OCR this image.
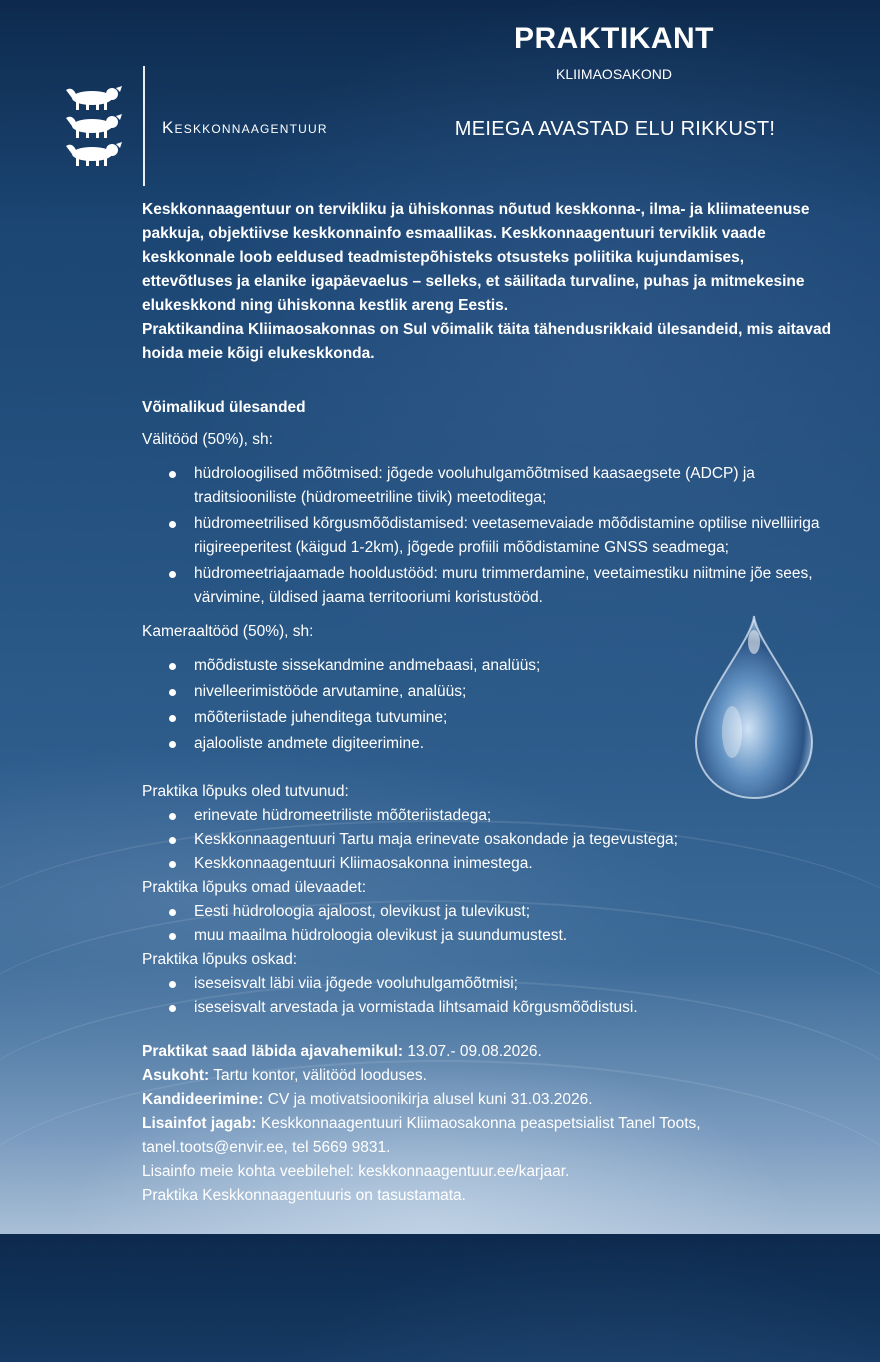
Keskkonnaagentuur
PRAKTIKANT
KLIIMAOSAKOND
MEIEGA AVASTAD ELU RIKKUST!

Keskkonnaagentuur on tervikliku ja ühiskonnas nõutud keskkonna-, ilma- ja kliimateenuse pakkuja, objektiivse keskkonnainfo esmaallikas. Keskkonnaagentuuri terviklik vaade keskkonnale loob eeldused teadmistepõhisteks otsusteks poliitika kujundamises, ettevõtluses ja elanike igapäevaelus – selleks, et säilitada turvaline, puhas ja mitmekesine elukeskkond ning ühiskonna kestlik areng Eestis.

Praktikandina Kliimaosakonnas on Sul võimalik täita tähendusrikkaid ülesandeid, mis aitavad hoida meie kõigi elukeskkonda.

Võimalikud ülesanded
Välitööd (50%), sh:
hüdroloogilised mõõtmised: jõgede vooluhulgamõõtmised kaasaegsete (ADCP) ja traditsiooniliste (hüdromeetriline tiivik) meetoditega;
hüdromeetrilised kõrgusmõõdistamised: veetasemevaiade mõõdistamine optilise nivelliiriga riigireeperitest (käigud 1-2km), jõgede profiili mõõdistamine GNSS seadmega;
hüdromeetriajaamade hooldustööd: muru trimmerdamine, veetaimestiku niitmine jõe sees, värvimine, üldised jaama territooriumi koristustööd.
Kameraaltööd (50%), sh:
mõõdistuste sissekandmine andmebaasi, analüüs;
nivelleerimistööde arvutamine, analüüs;
mõõteriistade juhenditega tutvumine;
ajalooliste andmete digiteerimine.
Praktika lõpuks oled tutvunud:
erinevate hüdromeetriliste mõõteriistadega;
Keskkonnaagentuuri Tartu maja erinevate osakondade ja tegevustega;
Keskkonnaagentuuri Kliimaosakonna inimestega.
Praktika lõpuks omad ülevaadet:
Eesti hüdroloogia ajaloost, olevikust ja tulevikust;
muu maailma hüdroloogia olevikust ja suundumustest.
Praktika lõpuks oskad:
iseseisvalt läbi viia jõgede vooluhulgamõõtmisi;
iseseisvalt arvestada ja vormistada lihtsamaid kõrgusmõõdistusi.

Praktikat saad läbida ajavahemikul: 13.07.- 09.08.2026.

Asukoht: Tartu kontor, välitööd looduses.

Kandideerimine: CV ja motivatsioonikirja alusel kuni 31.03.2026.

Lisainfot jagab: Keskkonnaagentuuri Kliimaosakonna peaspetsialist Tanel Toots,

tanel.toots@envir.ee, tel 5669 9831.

Lisainfo meie kohta veebilehel: keskkonnaagentuur.ee/karjaar.

Praktika Keskkonnaagentuuris on tasustamata.
